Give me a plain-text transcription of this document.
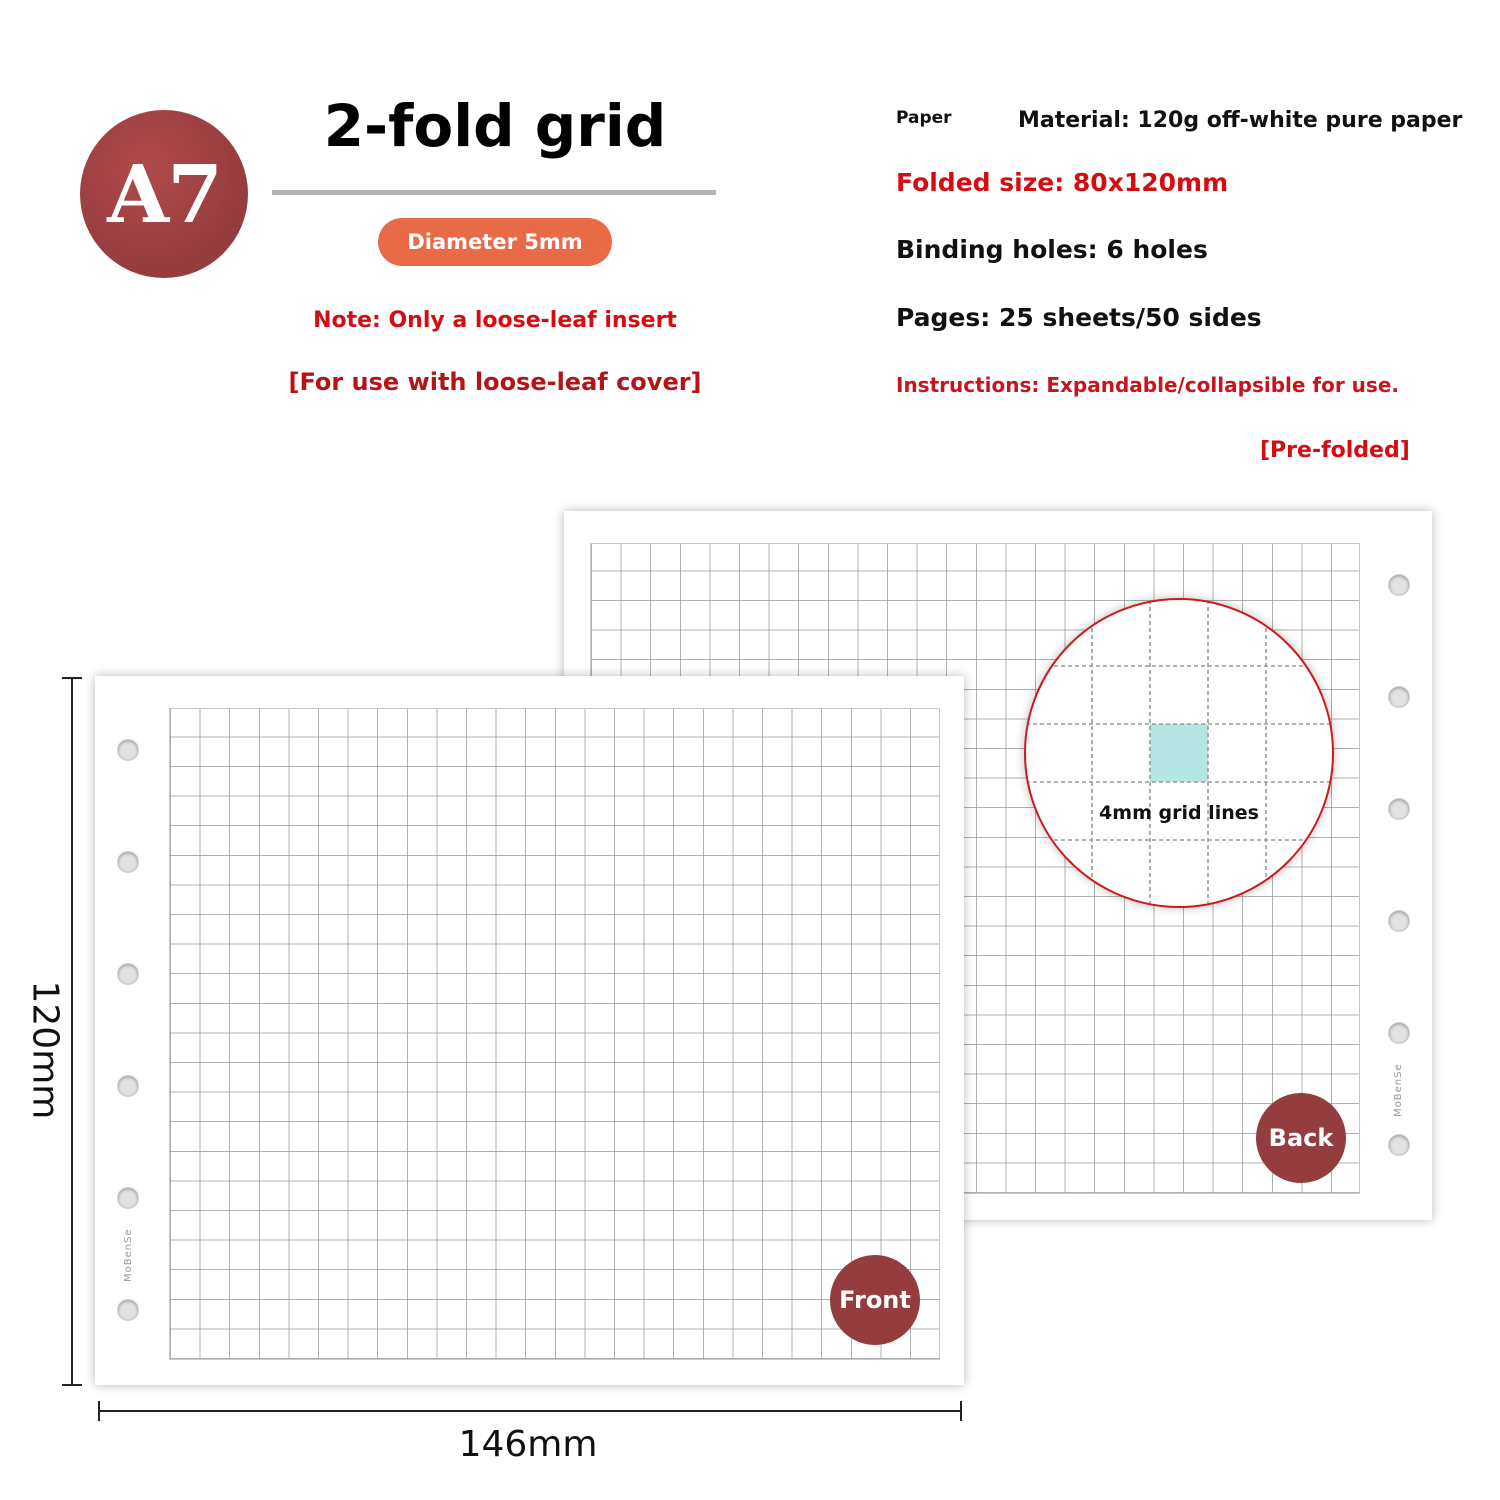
A7
2-fold grid
Diameter 5mm
Note: Only a loose-leaf insert
[For use with loose-leaf cover]
Paper	Material: 120g off-white pure paper
Folded size: 80x120mm
Binding holes: 6 holes
Pages: 25 sheets/50 sides
Instructions: Expandable/collapsible for use.
[Pre-folded]
MoBenSe
Back
4mm grid lines
MoBenSe
Front
120mm
146mm
